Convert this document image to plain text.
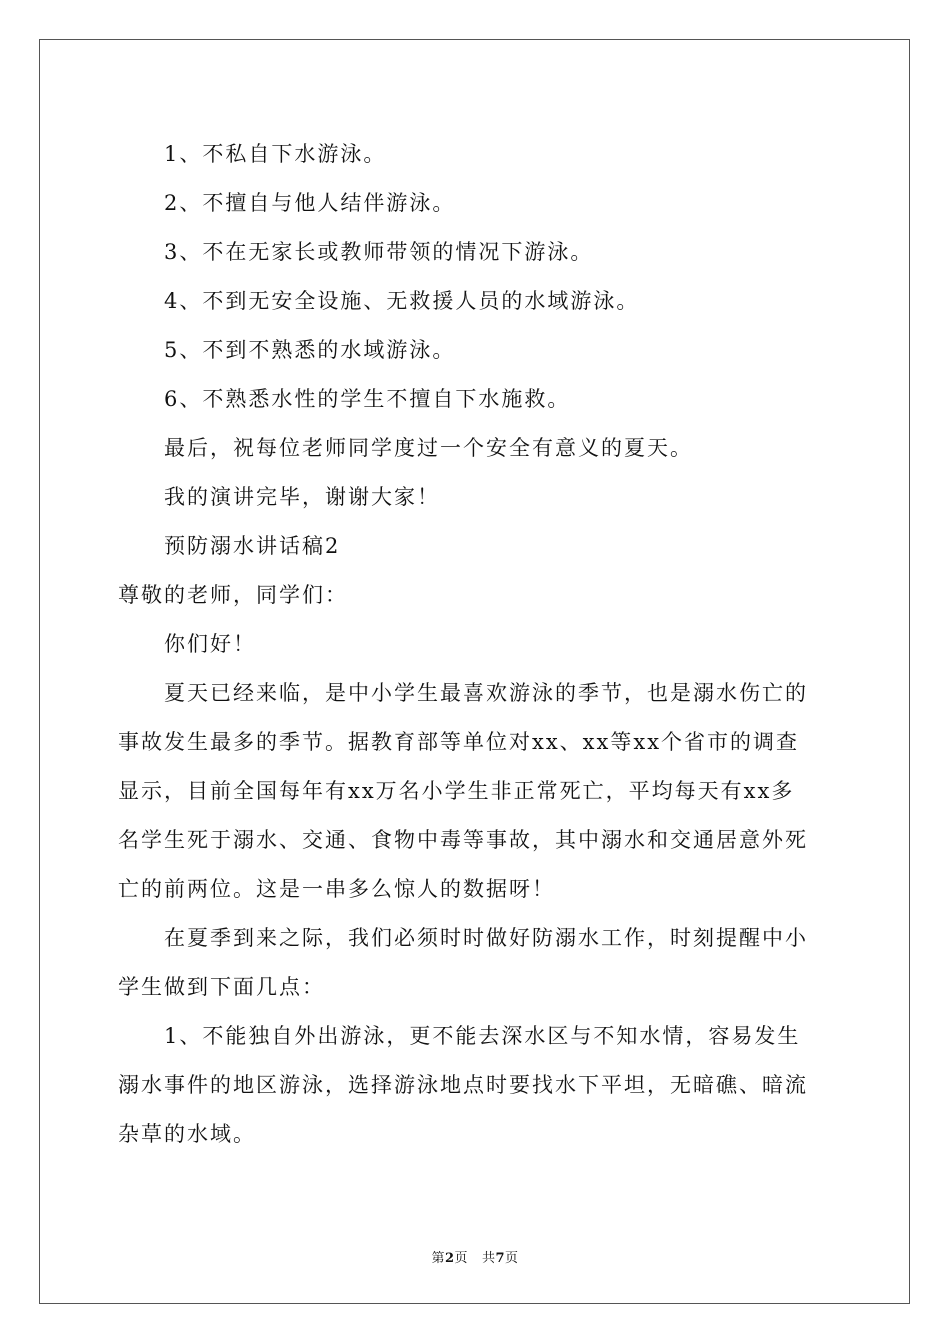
1、不私自下水游泳。

2、不擅自与他人结伴游泳。

3、不在无家长或教师带领的情况下游泳。

4、不到无安全设施、无救援人员的水域游泳。

5、不到不熟悉的水域游泳。

6、不熟悉水性的学生不擅自下水施救。

最后，祝每位老师同学度过一个安全有意义的夏天。

我的演讲完毕，谢谢大家！

预防溺水讲话稿2

尊敬的老师，同学们：

你们好！

夏天已经来临，是中小学生最喜欢游泳的季节，也是溺水伤亡的

事故发生最多的季节。据教育部等单位对xx、xx等xx个省市的调查

显示，目前全国每年有xx万名小学生非正常死亡，平均每天有xx多

名学生死于溺水、交通、食物中毒等事故，其中溺水和交通居意外死

亡的前两位。这是一串多么惊人的数据呀！

在夏季到来之际，我们必须时时做好防溺水工作，时刻提醒中小

学生做到下面几点：

1、不能独自外出游泳，更不能去深水区与不知水情，容易发生

溺水事件的地区游泳，选择游泳地点时要找水下平坦，无暗礁、暗流

杂草的水域。

第2页   共7页
